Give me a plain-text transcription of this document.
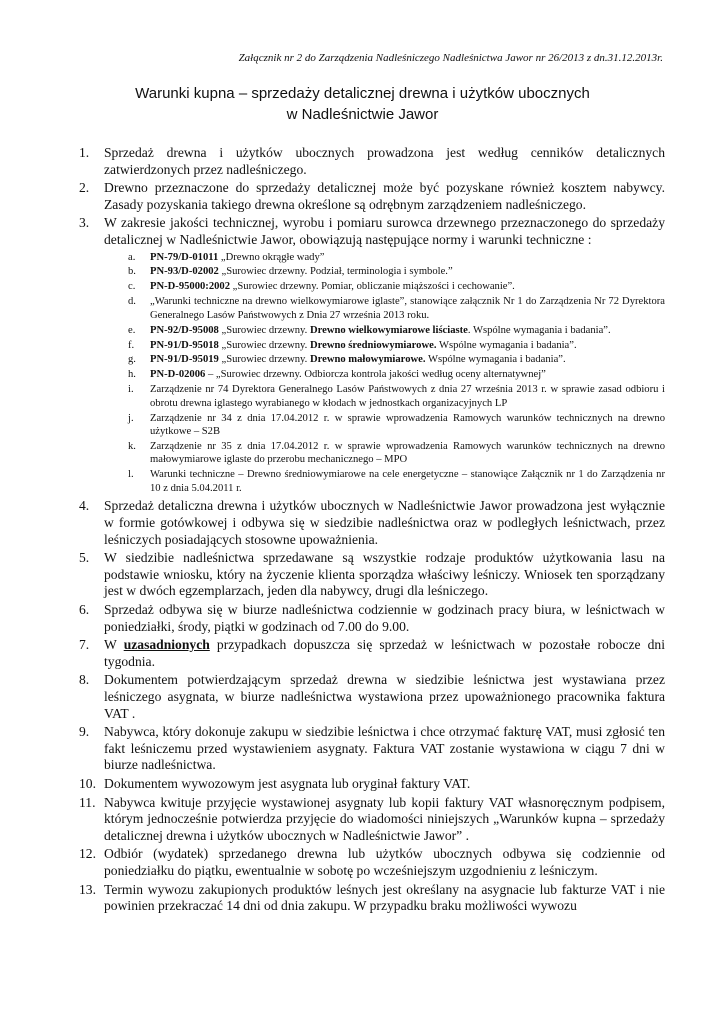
Załącznik nr 2 do Zarządzenia Nadleśniczego Nadleśnictwa Jawor nr 26/2013 z dn.31.12.2013r.
Warunki kupna – sprzedaży detalicznej drewna i użytków ubocznych
w Nadleśnictwie Jawor
1.	Sprzedaż drewna i użytków ubocznych prowadzona jest według cenników detalicznych zatwierdzonych przez nadleśniczego.
2.	Drewno przeznaczone do sprzedaży detalicznej może być pozyskane również kosztem nabywcy. Zasady pozyskania takiego drewna określone są odrębnym zarządzeniem nadleśniczego.
3.	W zakresie jakości technicznej, wyrobu i pomiaru surowca drzewnego przeznaczonego do sprzedaży detalicznej w Nadleśnictwie Jawor, obowiązują następujące normy i warunki techniczne :
a.	PN-79/D-01011 „Drewno okrągłe wady”
b.	PN-93/D-02002 „Surowiec drzewny. Podział, terminologia i symbole.”
c.	PN-D-95000:2002 „Surowiec drzewny. Pomiar, obliczanie miąższości i cechowanie”.
d.	„Warunki techniczne na drewno wielkowymiarowe iglaste”, stanowiące załącznik Nr 1 do Zarządzenia Nr 72 Dyrektora Generalnego Lasów Państwowych z Dnia 27 września 2013 roku.
e.	PN-92/D-95008 „Surowiec drzewny. Drewno wielkowymiarowe liściaste. Wspólne wymagania i badania”.
f.	PN-91/D-95018 „Surowiec drzewny. Drewno średniowymiarowe. Wspólne wymagania i badania”.
g.	PN-91/D-95019 „Surowiec drzewny. Drewno małowymiarowe. Wspólne wymagania i badania”.
h.	PN-D-02006 – „Surowiec drzewny. Odbiorcza kontrola jakości według oceny alternatywnej”
i.	Zarządzenie nr 74 Dyrektora Generalnego Lasów Państwowych z dnia 27 września 2013 r. w sprawie zasad odbioru i obrotu drewna iglastego wyrabianego w kłodach w jednostkach organizacyjnych LP
j.	Zarządzenie nr 34 z dnia 17.04.2012 r. w sprawie wprowadzenia Ramowych warunków technicznych na drewno użytkowe – S2B
k.	Zarządzenie nr 35 z dnia 17.04.2012 r. w sprawie wprowadzenia Ramowych warunków technicznych na drewno małowymiarowe iglaste do przerobu mechanicznego – MPO
l.	Warunki techniczne – Drewno średniowymiarowe na cele energetyczne – stanowiące Załącznik nr 1 do Zarządzenia nr 10 z dnia 5.04.2011 r.
4.	Sprzedaż detaliczna drewna i użytków ubocznych w Nadleśnictwie Jawor prowadzona jest wyłącznie w formie gotówkowej i odbywa się w siedzibie nadleśnictwa oraz w podległych leśnictwach, przez leśniczych posiadających stosowne upoważnienia.
5.	W siedzibie nadleśnictwa sprzedawane są wszystkie rodzaje produktów użytkowania lasu na podstawie wniosku, który na życzenie klienta sporządza właściwy leśniczy. Wniosek ten sporządzany jest w dwóch egzemplarzach, jeden dla nabywcy, drugi dla leśniczego.
6.	Sprzedaż odbywa się w biurze nadleśnictwa codziennie w godzinach pracy biura, w leśnictwach w poniedziałki, środy, piątki w godzinach od 7.00 do 9.00.
7.	W uzasadnionych przypadkach dopuszcza się sprzedaż w leśnictwach w pozostałe robocze dni tygodnia.
8.	Dokumentem potwierdzającym sprzedaż drewna w siedzibie leśnictwa jest wystawiana przez leśniczego asygnata, w biurze nadleśnictwa wystawiona przez upoważnionego pracownika faktura VAT .
9.	Nabywca, który dokonuje zakupu w siedzibie leśnictwa i chce otrzymać fakturę VAT, musi zgłosić ten fakt leśniczemu przed wystawieniem asygnaty. Faktura VAT zostanie wystawiona w ciągu 7 dni w biurze nadleśnictwa.
10. Dokumentem wywozowym jest asygnata lub oryginał faktury VAT.
11. Nabywca kwituje przyjęcie wystawionej asygnaty lub kopii faktury VAT własnoręcznym podpisem, którym jednocześnie potwierdza przyjęcie do wiadomości niniejszych „Warunków kupna – sprzedaży detalicznej drewna i użytków ubocznych w Nadleśnictwie Jawor” .
12. Odbiór (wydatek) sprzedanego drewna lub użytków ubocznych odbywa się codziennie od poniedziałku do piątku, ewentualnie w sobotę po wcześniejszym uzgodnieniu z leśniczym.
13. Termin wywozu zakupionych produktów leśnych jest określany na asygnacie lub fakturze VAT i nie powinien przekraczać 14 dni od dnia zakupu. W przypadku braku możliwości wywozu
